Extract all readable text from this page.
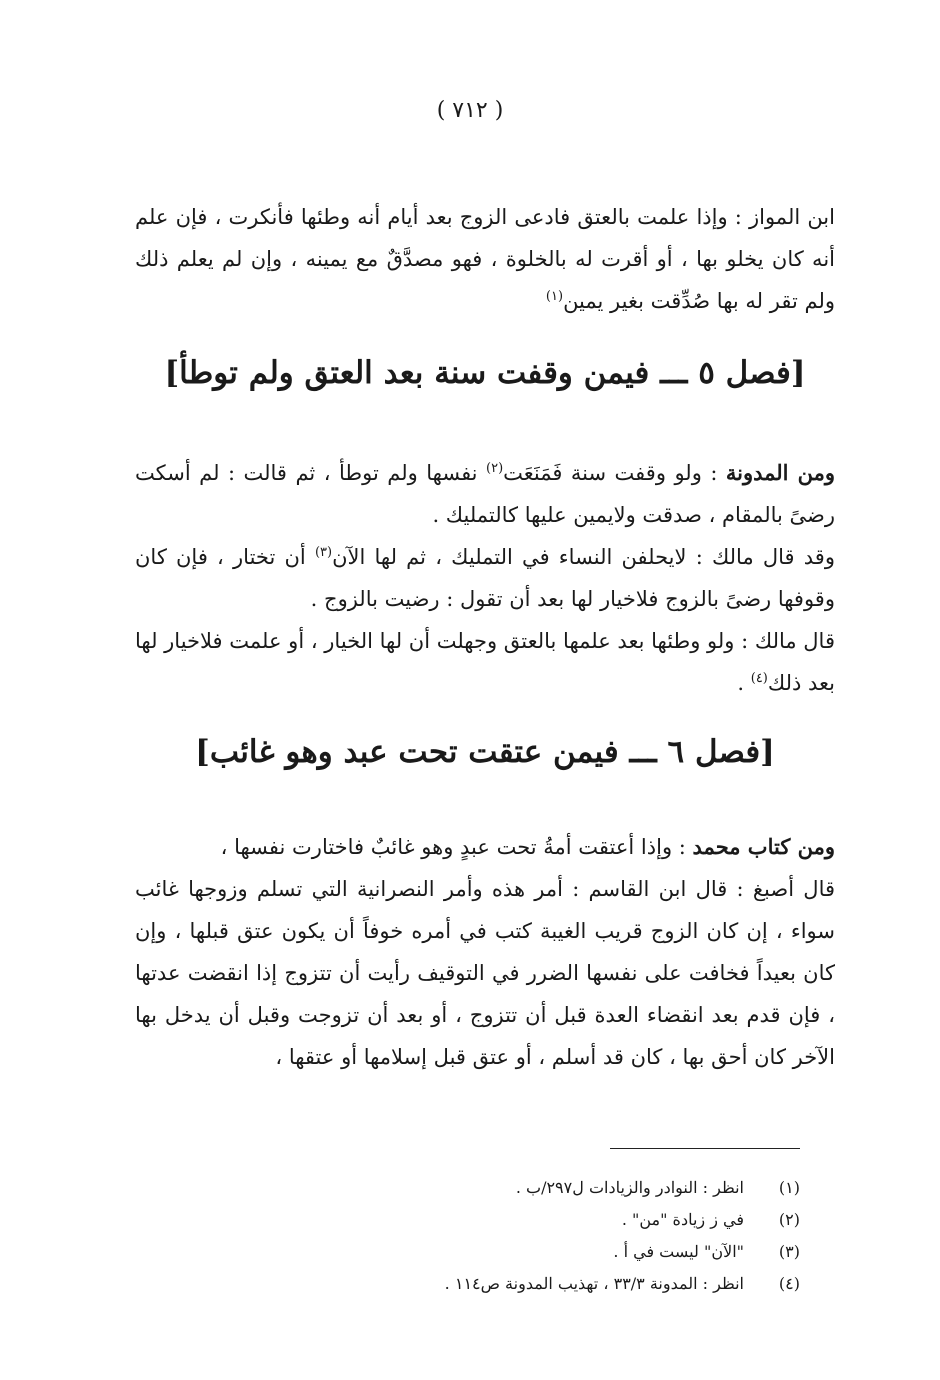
( ٧١٢ )

ابن المواز : وإذا علمت بالعتق فادعى الزوج بعد أيام أنه وطئها فأنكرت ، فإن علم أنه كان يخلو بها ، أو أقرت له بالخلوة ، فهو مصدَّقٌ مع يمينه ، وإن لم يعلم ذلك ولم تقر له بها صُدِّقت بغير يمين$^{(١)}$

[فصل ٥ ـــ فيمن وقفت سنة بعد العتق ولم توطأ]

ومن المدونة : ولو وقفت سنة فَمَنَعَت$^{(٢)}$ نفسها ولم توطأ ، ثم قالت : لم أسكت رضىً بالمقام ، صدقت ولايمين عليها كالتمليك .

وقد قال مالك : لايحلفن النساء في التمليك ، ثم لها الآن$^{(٣)}$ أن تختار ، فإن كان وقوفها رضىً بالزوج فلاخيار لها بعد أن تقول : رضيت بالزوج .

قال مالك : ولو وطئها بعد علمها بالعتق وجهلت أن لها الخيار ، أو علمت فلاخيار لها بعد ذلك$^{(٤)}$ .

[فصل ٦ ـــ فيمن عتقت تحت عبد وهو غائب]

ومن كتاب محمد : وإذا أعتقت أمةُ تحت عبدٍ وهو غائبٌ فاختارت نفسها ،

قال أصبغ : قال ابن القاسم : أمر هذه وأمر النصرانية التي تسلم وزوجها غائب سواء ، إن كان الزوج قريب الغيبة كتب في أمره خوفاً أن يكون عتق قبلها ، وإن كان بعيداً فخافت على نفسها الضرر في التوقيف رأيت أن تتزوج إذا انقضت عدتها ، فإن قدم بعد انقضاء العدة قبل أن تتزوج ، أو بعد أن تزوجت وقبل أن يدخل بها الآخر كان أحق بها ، كان قد أسلم ، أو عتق قبل إسلامها أو عتقها ،

(١)
انظر : النوادر والزيادات ل٢٩٧/ب .
(٢)
في ز زيادة "من" .
(٣)
"الآن" ليست في أ .
(٤)
انظر : المدونة ٣٣/٣ ، تهذيب المدونة ص١١٤ .
